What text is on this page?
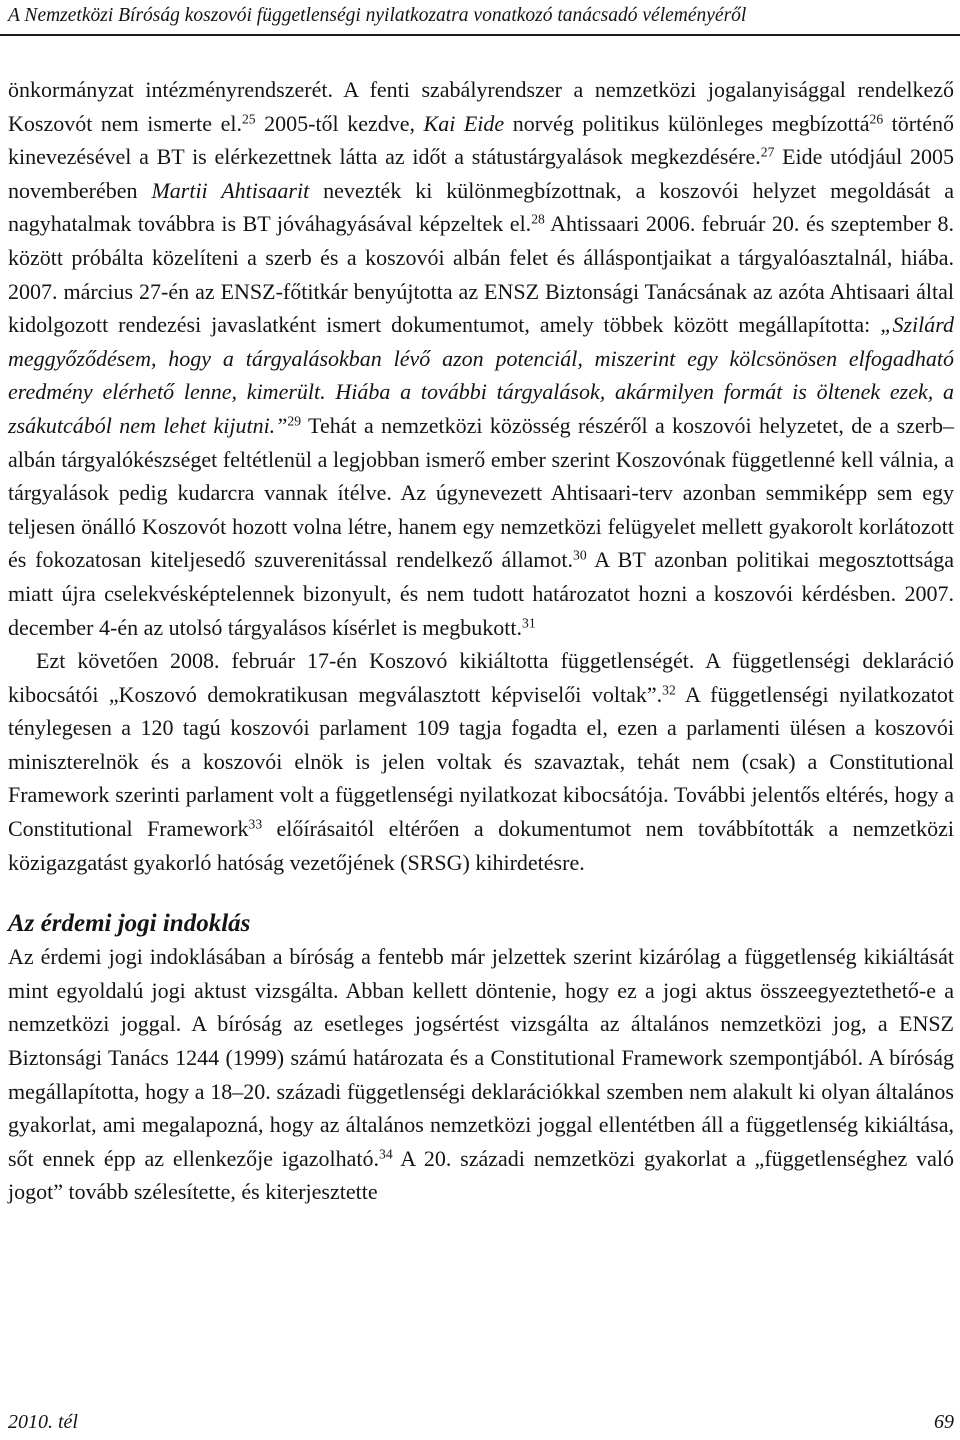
A Nemzetközi Bíróság koszovói függetlenségi nyilatkozatra vonatkozó tanácsadó véleményéről

önkormányzat intézményrendszerét. A fenti szabályrendszer a nemzetközi jogalanyisággal rendelkező Koszovót nem ismerte el.$^{25}$ 2005-től kezdve, Kai Eide norvég politikus különleges megbízottá$^{26}$ történő kinevezésével a BT is elérkezettnek látta az időt a státustárgyalások megkezdésére.$^{27}$ Eide utódjául 2005 novemberében Martii Ahtisaarit nevezték ki különmegbízottnak, a koszovói helyzet megoldását a nagyhatalmak továbbra is BT jóváhagyásával képzeltek el.$^{28}$ Ahtissaari 2006. február 20. és szeptember 8. között próbálta közelíteni a szerb és a koszovói albán felet és álláspontjaikat a tárgyalóasztalnál, hiába. 2007. március 27-én az ENSZ-főtitkár benyújtotta az ENSZ Biztonsági Tanácsának az azóta Ahtisaari által kidolgozott rendezési javaslatként ismert dokumentumot, amely többek között megállapította: „Szilárd meggyőződésem, hogy a tárgyalásokban lévő azon potenciál, miszerint egy kölcsönösen elfogadható eredmény elérhető lenne, kimerült. Hiába a további tárgyalások, akármilyen formát is öltenek ezek, a zsákutcából nem lehet kijutni.”$^{29}$ Tehát a nemzetközi közösség részéről a koszovói helyzetet, de a szerb–albán tárgyalókészséget feltétlenül a legjobban ismerő ember szerint Koszovónak függetlenné kell válnia, a tárgyalások pedig kudarcra vannak ítélve. Az úgynevezett Ahtisaari-terv azonban semmiképp sem egy teljesen önálló Koszovót hozott volna létre, hanem egy nemzetközi felügyelet mellett gyakorolt korlátozott és fokozatosan kiteljesedő szuverenitással rendelkező államot.$^{30}$ A BT azonban politikai megosztottsága miatt újra cselekvésképtelennek bizonyult, és nem tudott határozatot hozni a koszovói kérdésben. 2007. december 4-én az utolsó tárgyalásos kísérlet is megbukott.$^{31}$

Ezt követően 2008. február 17-én Koszovó kikiáltotta függetlenségét. A függetlenségi deklaráció kibocsátói „Koszovó demokratikusan megválasztott képviselői voltak”.$^{32}$ A függetlenségi nyilatkozatot ténylegesen a 120 tagú koszovói parlament 109 tagja fogadta el, ezen a parlamenti ülésen a koszovói miniszterelnök és a koszovói elnök is jelen voltak és szavaztak, tehát nem (csak) a Constitutional Framework szerinti parlament volt a függetlenségi nyilatkozat kibocsátója. További jelentős eltérés, hogy a Constitutional Framework$^{33}$ előírásaitól eltérően a dokumentumot nem továbbították a nemzetközi közigazgatást gyakorló hatóság vezetőjének (SRSG) kihirdetésre.

Az érdemi jogi indoklás

Az érdemi jogi indoklásában a bíróság a fentebb már jelzettek szerint kizárólag a függetlenség kikiáltását mint egyoldalú jogi aktust vizsgálta. Abban kellett döntenie, hogy ez a jogi aktus összeegyeztethető-e a nemzetközi joggal. A bíróság az esetleges jogsértést vizsgálta az általános nemzetközi jog, a ENSZ Biztonsági Tanács 1244 (1999) számú határozata és a Constitutional Framework szempontjából. A bíróság megállapította, hogy a 18–20. századi függetlenségi deklarációkkal szemben nem alakult ki olyan általános gyakorlat, ami megalapozná, hogy az általános nemzetközi joggal ellentétben áll a függetlenség kikiáltása, sőt ennek épp az ellenkezője igazolható.$^{34}$ A 20. századi nemzetközi gyakorlat a „függetlenséghez való jogot” tovább szélesítette, és kiterjesztette

2010. tél	69
